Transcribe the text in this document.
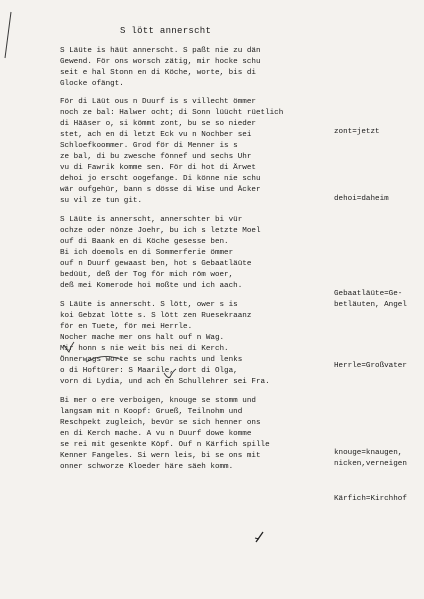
S lött annerscht
S Läüte is häüt annerscht. S paßt nie zu dän
Gewend. För ons worsch zätig, mir hocke schu
seit e hal Stonn en di Köche, worte, bis di
Glocke ofängt.
För di Läüt ous n Duurf is s villecht ömmer
noch ze bal: Halwer ocht; di Sonn lüücht rüetlich
di Hääser o, si kömmt zont, bu se so nieder
stet, ach en di letzt Eck vu n Nochber sei
Schloefkoommer. Grod för di Menner is s
ze bal, di bu zwesche fönnef und sechs Uhr
vu di Fawrik komme sen. För di hot di Ärwet
dehoi jo erscht oogefange. Di könne nie schu
wär oufgehür, bann s dösse di Wise und Äcker
su vil ze tun git.
S Läüte is annerscht, annerschter bi vür
ochze oder nönze Joehr, bu ich s letzte Moel
ouf di Baank en di Köche gesesse ben.
Bi ich doemols en di Sommerferie ömmer
ouf n Duurf gewaast ben, hot s Gebaatläüte
bedüüt, deß der Tog för mich röm woer,
deß mei Komerode hoi moßte und ich aach.
S Läüte is annerscht. S lött, ower s is
koi Gebzat lötte s. S lött zen Ruesekraanz
för en Tuete, för mei Herrle.
Nocher mache mer ons halt ouf n Wag.
Mir honn s nie weit bis nei di Kerch.
Önnerwags worte se schu rachts und lenks
o di Hoftürer: S Maarile, dort di Olga,
vorn di Lydia, und ach en Schullehrer sei Fra.
Bi mer o ere verboigen, knouge se stomm und
langsam mit n Koopf: Grueß, Teilnohm und
Reschpekt zugleich, bevür se sich henner ons
en di Kerch mache. A vu n Duurf dowe komme
se rei mit gesenkte Köpf. Ouf n Kärfich spille
Kenner Fangeles. Si wern leis, bi se ons mit
onner schworze Kloeder häre säeh komm.
zont=jetzt
dehoi=daheim
Gebaatläüte=Ge-
betläuten, Angel
Herrle=Großvater
knouge=knaugen,
nicken,verneigen
Kärfich=Kirchhof
